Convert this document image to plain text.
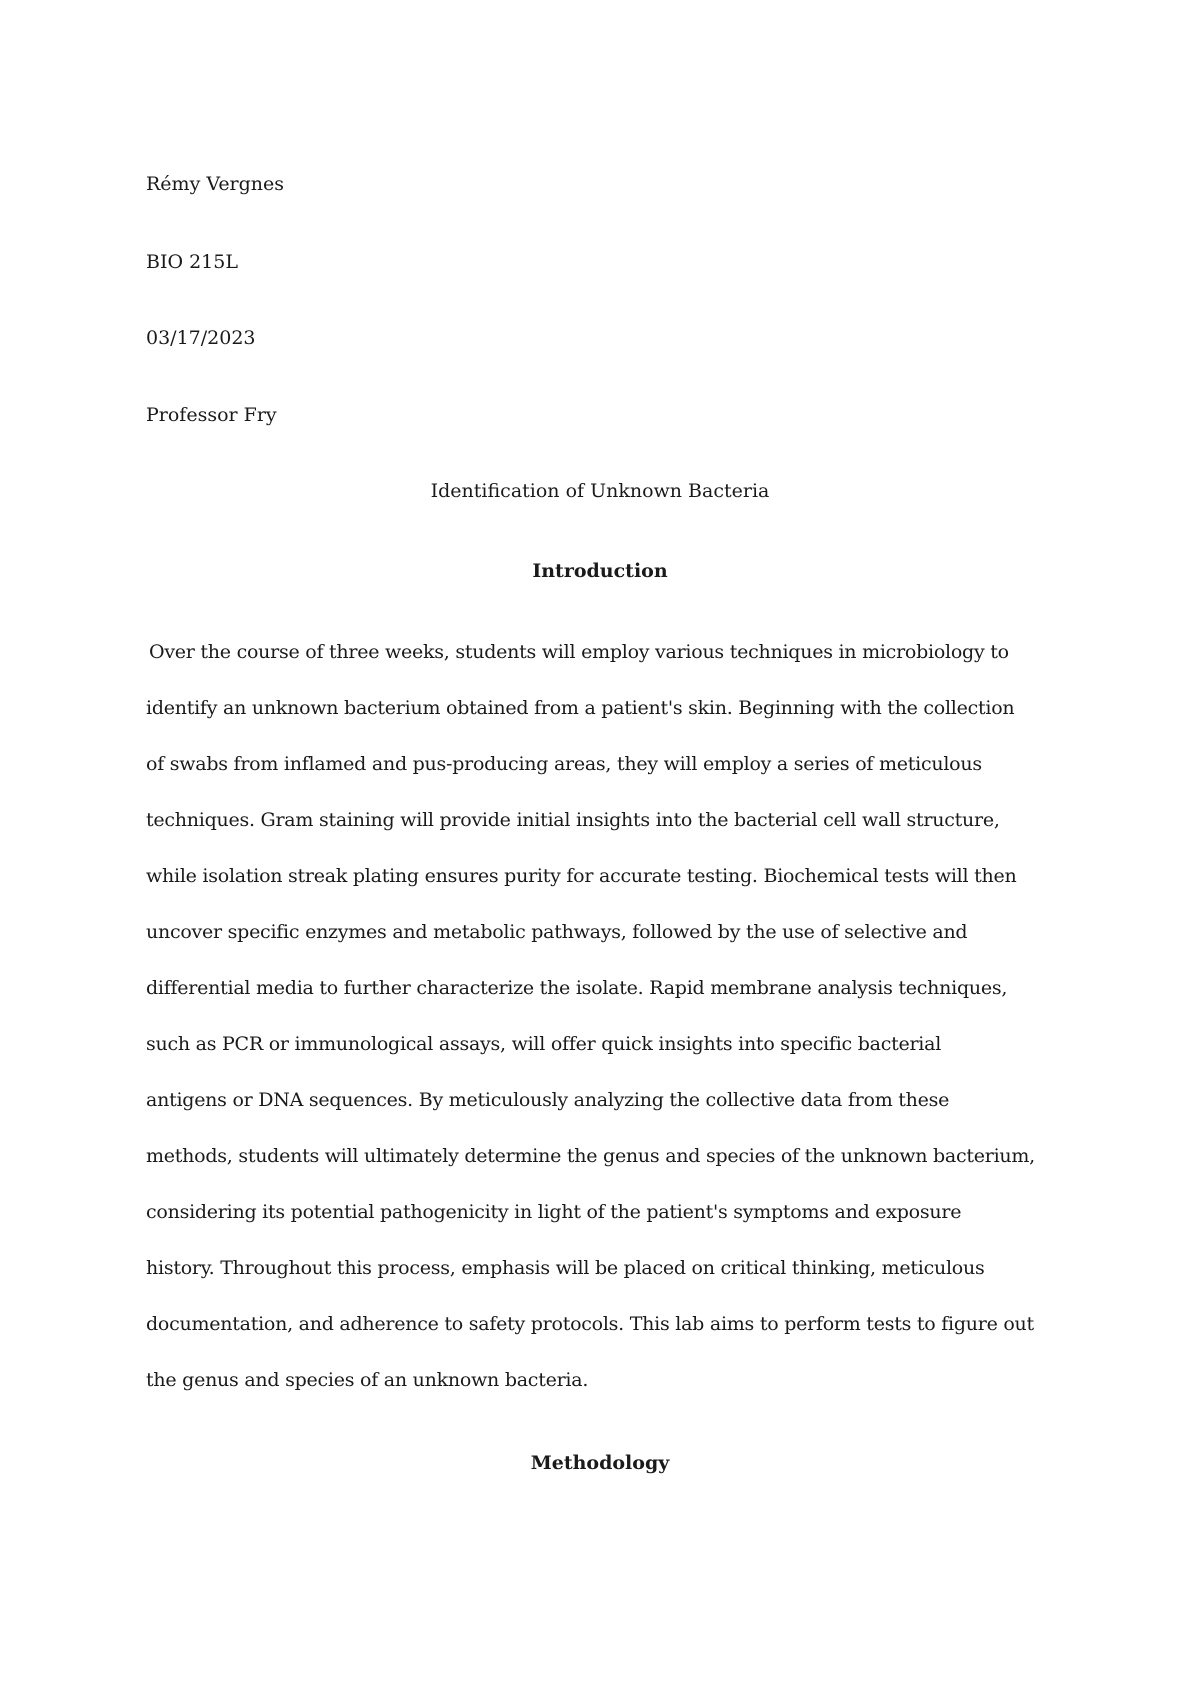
Rémy Vergnes
BIO 215L
03/17/2023
Professor Fry
Identification of Unknown Bacteria
Introduction
Over the course of three weeks, students will employ various techniques in microbiology to
identify an unknown bacterium obtained from a patient's skin. Beginning with the collection
of swabs from inflamed and pus-producing areas, they will employ a series of meticulous
techniques. Gram staining will provide initial insights into the bacterial cell wall structure,
while isolation streak plating ensures purity for accurate testing. Biochemical tests will then
uncover specific enzymes and metabolic pathways, followed by the use of selective and
differential media to further characterize the isolate. Rapid membrane analysis techniques,
such as PCR or immunological assays, will offer quick insights into specific bacterial
antigens or DNA sequences. By meticulously analyzing the collective data from these
methods, students will ultimately determine the genus and species of the unknown bacterium,
considering its potential pathogenicity in light of the patient's symptoms and exposure
history. Throughout this process, emphasis will be placed on critical thinking, meticulous
documentation, and adherence to safety protocols. This lab aims to perform tests to figure out
the genus and species of an unknown bacteria.
Methodology
